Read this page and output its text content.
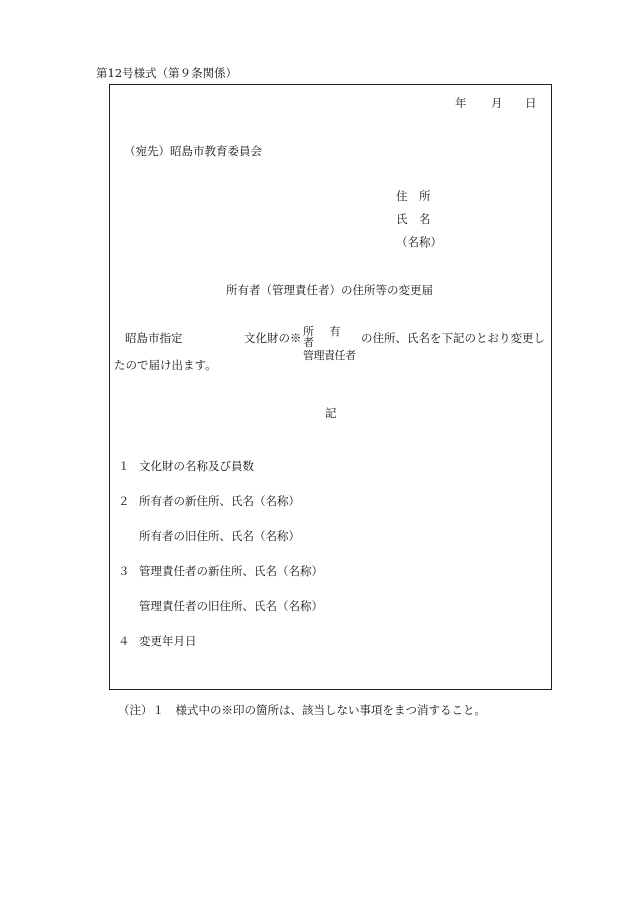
第12号様式（第９条関係）
年 月 日
（宛先）昭島市教育委員会
住　所
氏　名
（名称）
所有者（管理責任者）の住所等の変更届
昭島市指定	文化財の※ 所 有 者
管理責任者
の住所、氏名を下記のとおり変更し
たので届け出ます。
記
１ 文化財の名称及び員数
２ 所有者の新住所、氏名（名称）
所有者の旧住所、氏名（名称）
３ 管理責任者の新住所、氏名（名称）
管理責任者の旧住所、氏名（名称）
４ 変更年月日
（注）１　様式中の※印の箇所は、該当しない事項をまつ消すること。
